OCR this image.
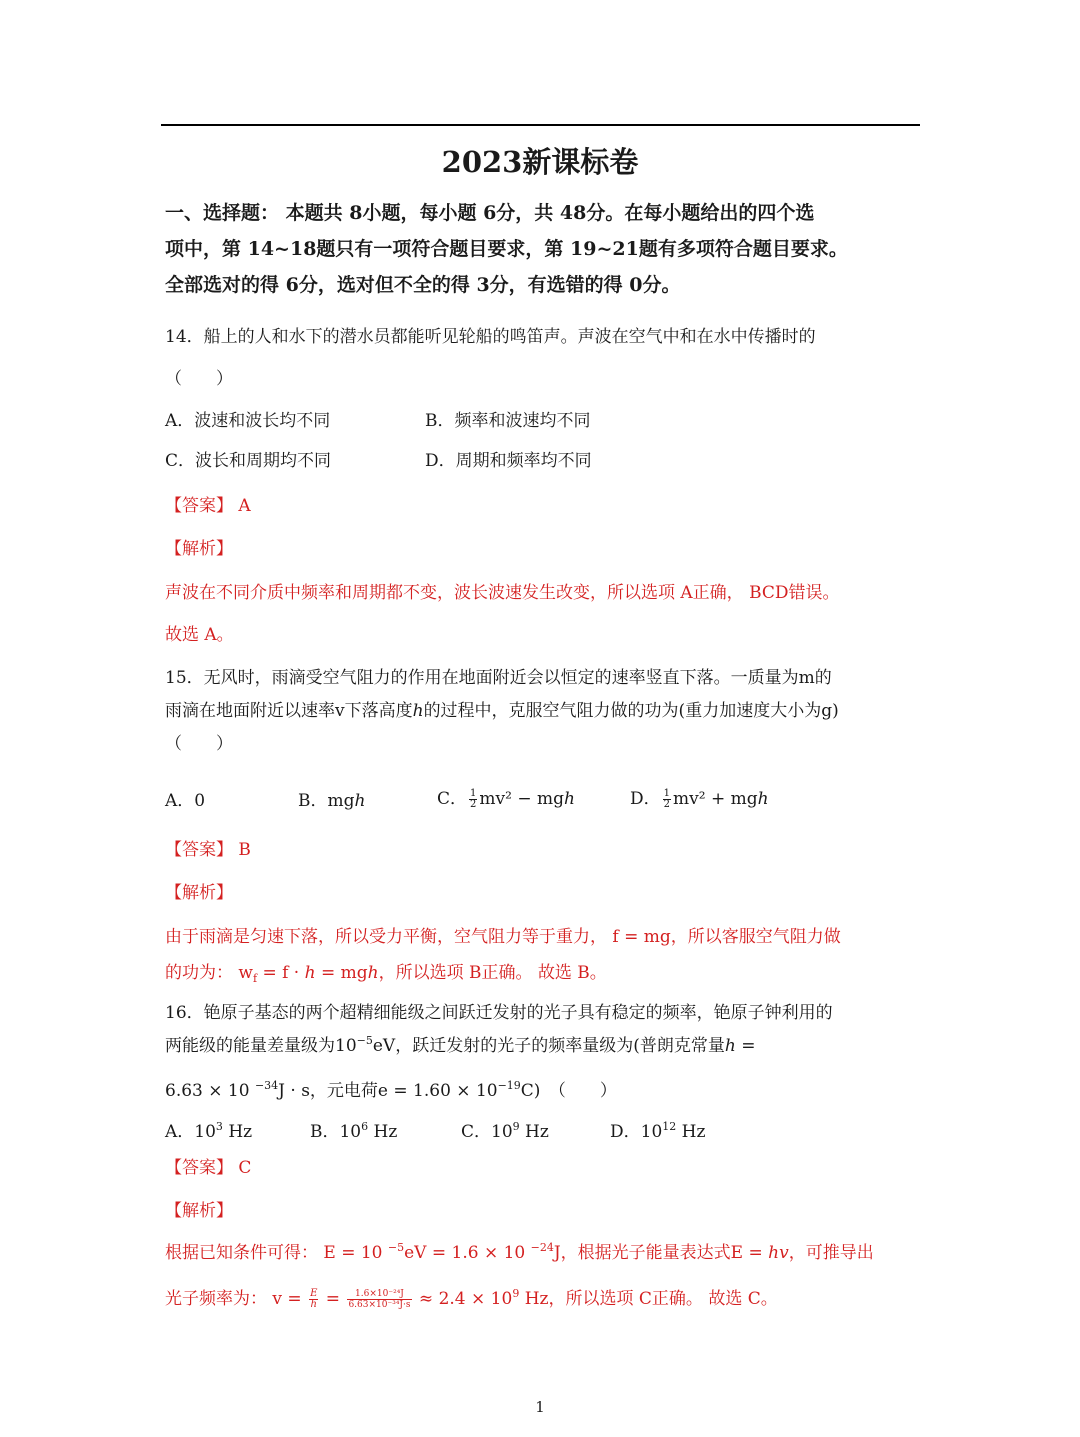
2023新课标卷
一、选择题： 本题共 8小题，每小题 6分，共 48分。在每小题给出的四个选
项中，第 14~18题只有一项符合题目要求，第 19~21题有多项符合题目要求。
全部选对的得 6分，选对但不全的得 3分，有选错的得 0分。
14．船上的人和水下的潜水员都能听见轮船的鸣笛声。声波在空气中和在水中传播时的
（　　）
A．波速和波长均不同	B．频率和波速均不同
C．波长和周期均不同	D．周期和频率均不同
【答案】 A
【解析】
声波在不同介质中频率和周期都不变，波长波速发生改变，所以选项 A正确， BCD错误。
故选 A。
15．无风时，雨滴受空气阻力的作用在地面附近会以恒定的速率竖直下落。一质量为m的
雨滴在地面附近以速率v下落高度h的过程中，克服空气阻力做的功为(重力加速度大小为g)
（　　）
A．0	B．mgh	C． $\frac{1}{2} mv^2$ − mgh	D． $\frac{1}{2} mv^2$ + mgh
【答案】 B
【解析】
由于雨滴是匀速下落，所以受力平衡，空气阻力等于重力， f = mg，所以客服空气阻力做
的功为： $w_f = f \cdot h$ = mgh，所以选项 B正确。 故选 B。
16．铯原子基态的两个超精细能级之间跃迁发射的光子具有稳定的频率，铯原子钟利用的
两能级的能量差量级为$10^{-5}eV$，跃迁发射的光子的频率量级为(普朗克常量h =
6.63 × 10 $^{-34}$J · s，元电荷$e = 1.60 \times 10^{-19}C$)　（　　）
A．$10^3$ Hz	B．$10^6$ Hz	C．$10^9$ Hz	D．$10^{12}$ Hz
【答案】 C
【解析】
根据已知条件可得： E = 10 $^{-5}$eV = 1.6 × 10 $^{-24}$J，根据光子能量表达式E = hv，可推导出
光子频率为： $v = \frac{E}{h} = \frac{\text{1.6×10⁻²⁴J}}{\text{6.63×10⁻³⁴J·s}} \approx 2.4 \times 10^9$ Hz，所以选项 C正确。 故选 C。
1
